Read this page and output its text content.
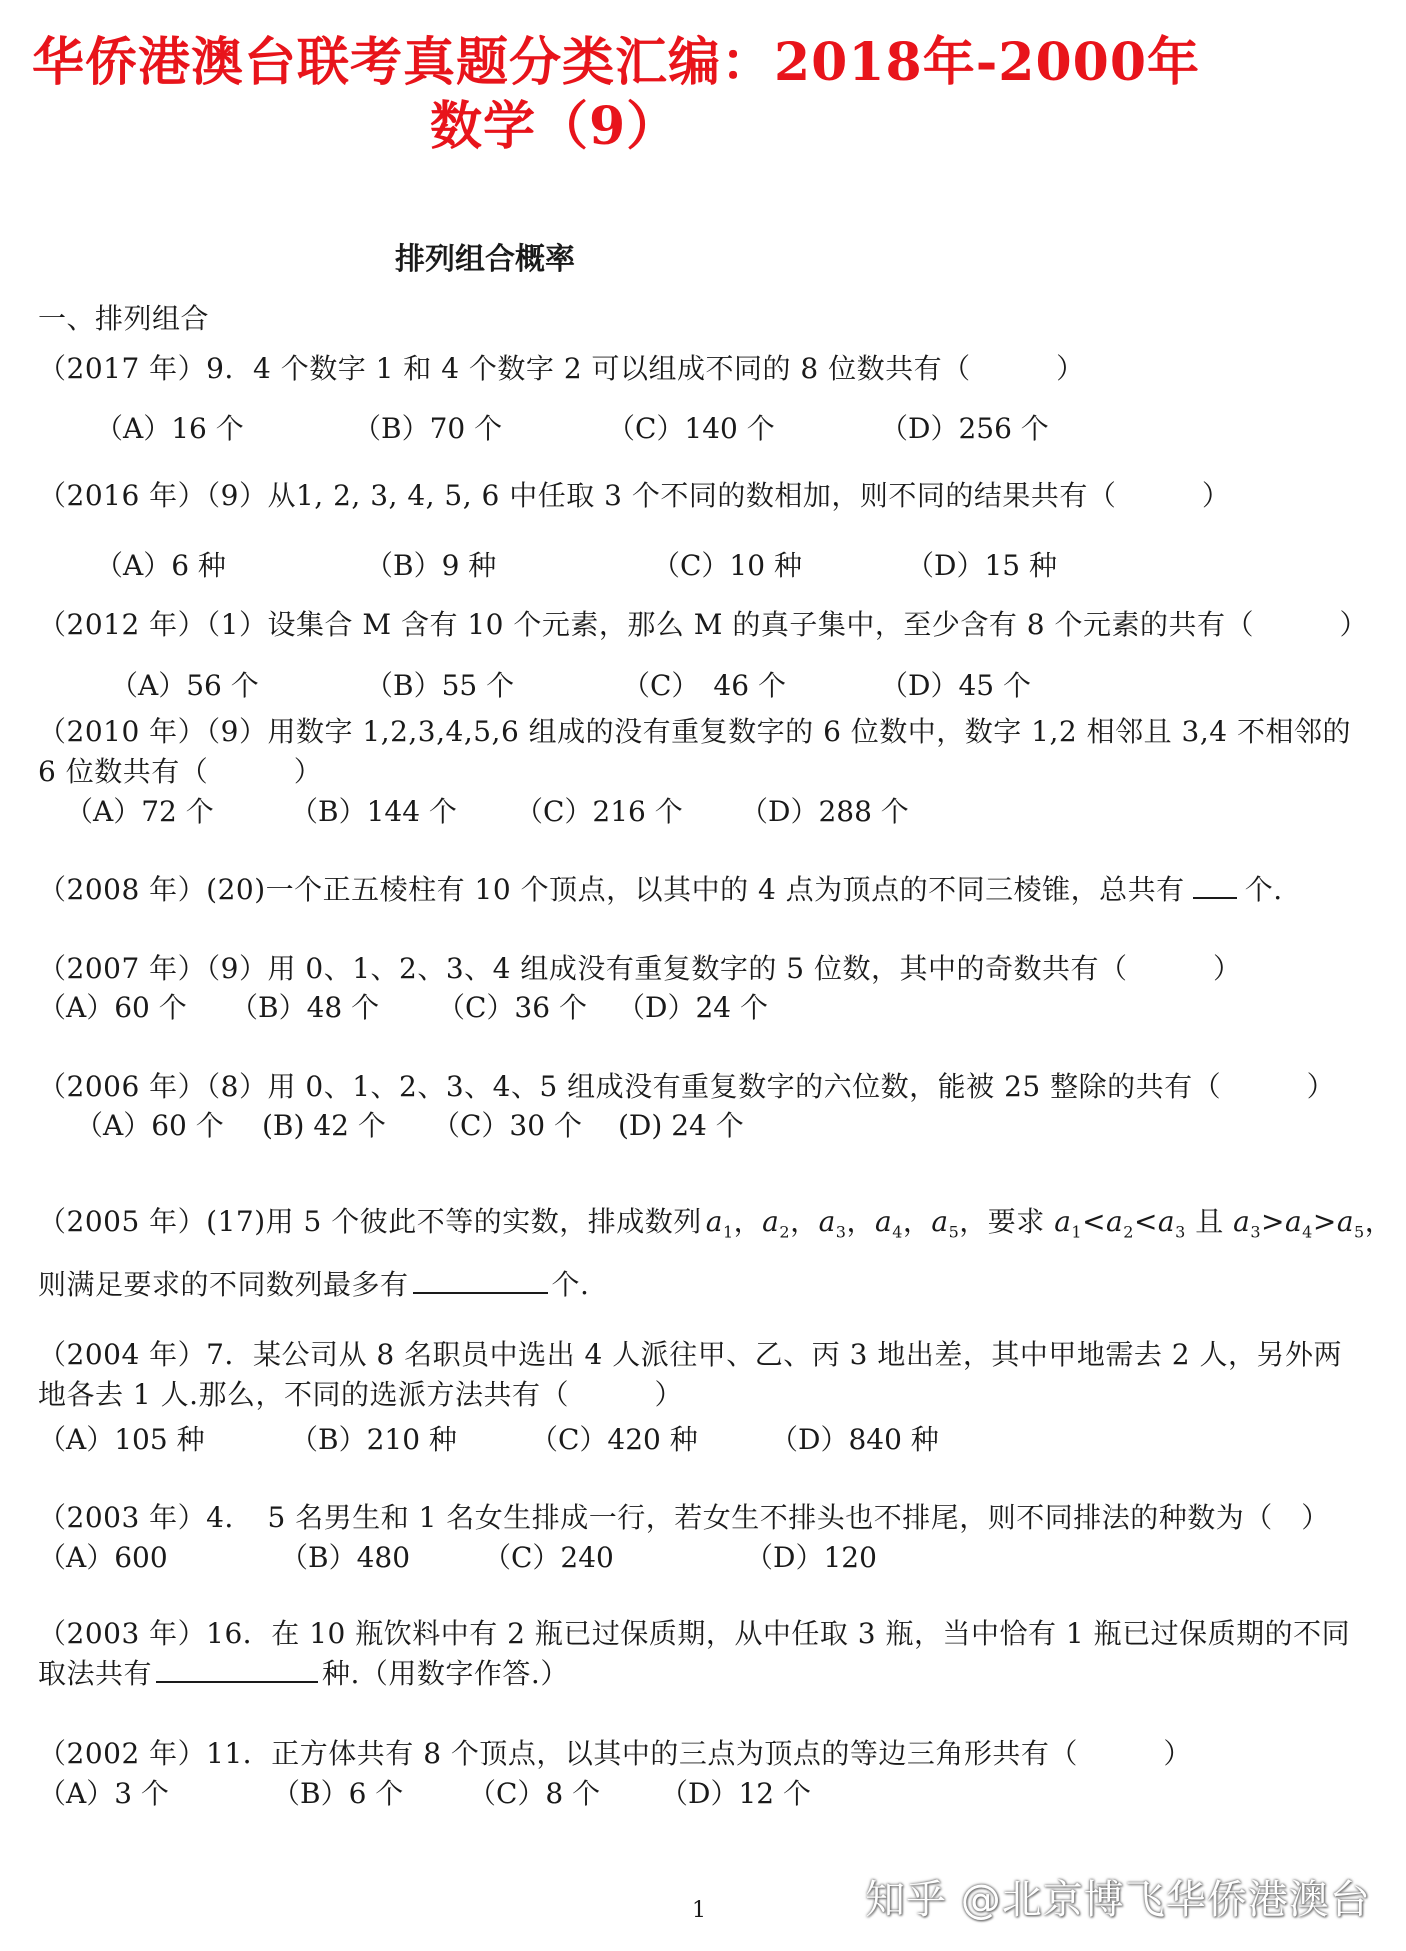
华侨港澳台联考真题分类汇编：2018年-2000年
数学（9）
排列组合概率
一、排列组合
（2017 年）9．4 个数字 1 和 4 个数字 2 可以组成不同的 8 位数共有（　　　）
（A）16 个	（B）70 个	（C）140 个	（D）256 个
（2016 年）（9）从1, 2, 3, 4, 5, 6 中任取 3 个不同的数相加，则不同的结果共有（　　　）
（A）6 种	（B）9 种	（C）10 种	（D）15 种
（2012 年）（1）设集合 M 含有 10 个元素，那么 M 的真子集中，至少含有 8 个元素的共有（　　　）
（A）56 个	（B）55 个	（C）　46 个	（D）45 个
（2010 年）（9）用数字 1,2,3,4,5,6 组成的没有重复数字的 6 位数中，数字 1,2 相邻且 3,4 不相邻的 6 位数共有（　　　）
（A）72 个	（B）144 个 （C）216 个 （D）288 个
（2008 年）(20)一个正五棱柱有 10 个顶点，以其中的 4 点为顶点的不同三棱锥，总共有 个.
（2007 年）（9）用 0、1、2、3、4 组成没有重复数字的 5 位数，其中的奇数共有（　　　）
（A）60 个 （B）48 个 （C）36 个 （D）24 个
（2006 年）（8）用 0、1、2、3、4、5 组成没有重复数字的六位数，能被 25 整除的共有（　　　）
（A）60 个 (B) 42 个 （C）30 个 (D) 24 个
（2005 年）(17)用 5 个彼此不等的实数，排成数列 $a_1$，$a_2$，$a_3$，$a_4$，$a_5$，要求 $a_1<a_2<a_3$ 且 $a_3>a_4>a_5$，
则满足要求的不同数列最多有	个.
（2004 年）7．某公司从 8 名职员中选出 4 人派往甲、乙、丙 3 地出差，其中甲地需去 2 人，另外两地各去 1 人.那么，不同的选派方法共有（　　　）
（A）105 种	（B）210 种	（C）420 种	（D）840 种
（2003 年）4．　5 名男生和 1 名女生排成一行，若女生不排头也不排尾，则不同排法的种数为（　）
（A）600	（B）480	（C）240	（D）120
（2003 年）16．在 10 瓶饮料中有 2 瓶已过保质期，从中任取 3 瓶，当中恰有 1 瓶已过保质期的不同取法共有	种.（用数字作答.）
（2002 年）11．正方体共有 8 个顶点，以其中的三点为顶点的等边三角形共有（　　　）
（A）3 个	（B）6 个 （C）8 个 （D）12 个
1	知乎 @北京博飞华侨港澳台
